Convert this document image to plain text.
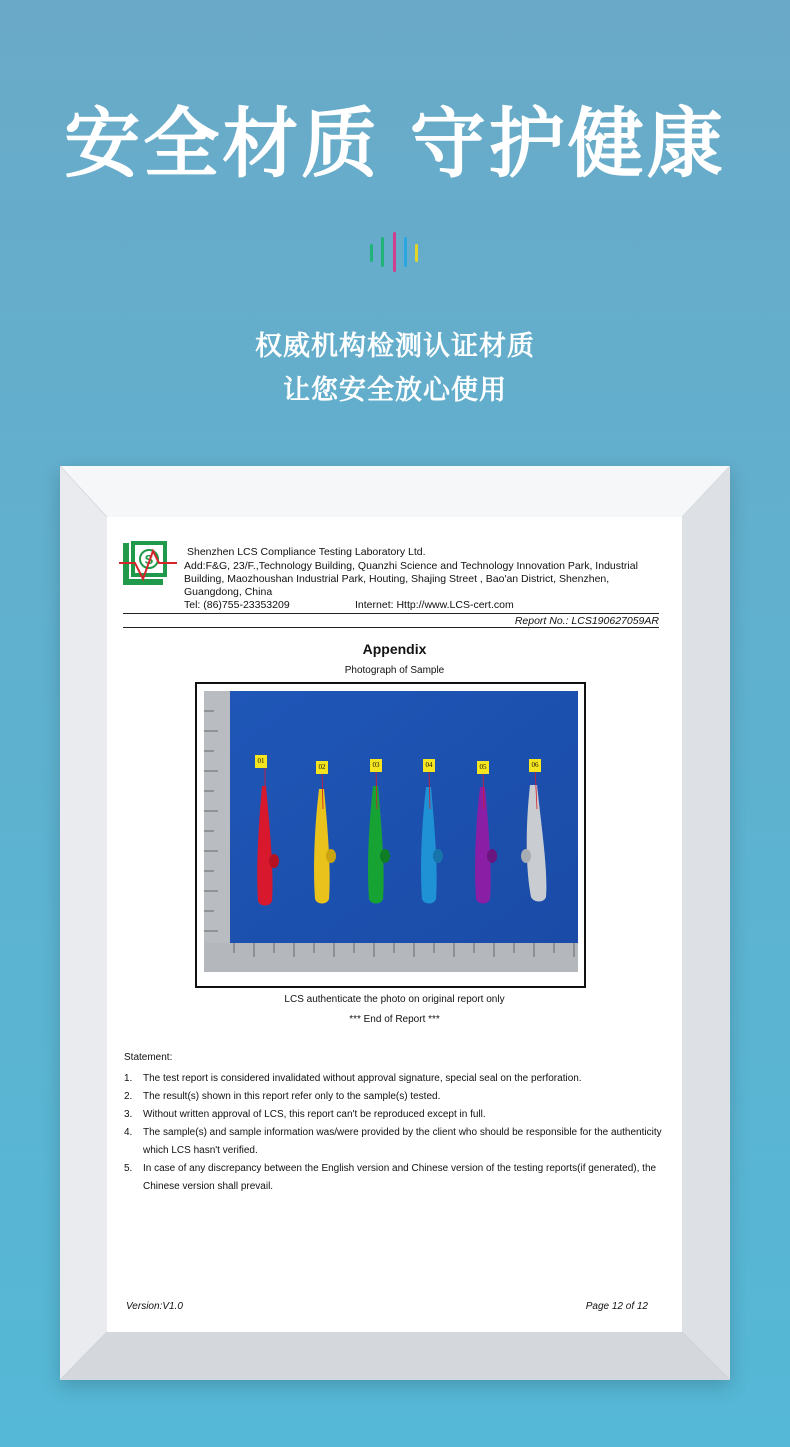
安全材质 守护健康
权威机构检测认证材质
让您安全放心使用
S	Shenzhen LCS Compliance Testing Laboratory Ltd.
Add:F&G, 23/F.,Technology Building, Quanzhi Science and Technology Innovation Park, Industrial Building, Maozhoushan Industrial Park, Houting, Shajing Street , Bao'an District, Shenzhen, Guangdong, China
Tel: (86)755-23353209	Internet: Http://www.LCS-cert.com
Report No.: LCS190627059AR
Appendix
Photograph of Sample
01
02	03	04	05	06
LCS authenticate the photo on original report only
*** End of Report ***
Statement:
1. The test report is considered invalidated without approval signature, special seal on the perforation.
2. The result(s) shown in this report refer only to the sample(s) tested.
3. Without written approval of LCS, this report can't be reproduced except in full.
4. The sample(s) and sample information was/were provided by the client who should be responsible for the authenticity which LCS hasn't verified.
5. In case of any discrepancy between the English version and Chinese version of the testing reports(if generated), the Chinese version shall prevail.
Version:V1.0	Page 12 of 12
